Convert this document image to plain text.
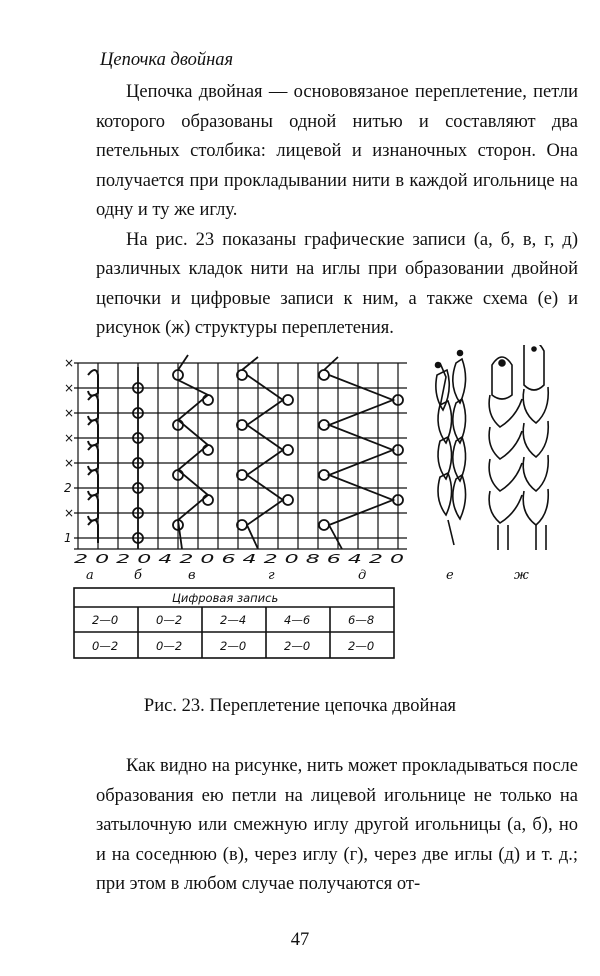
Цепочка двойная

Цепочка двойная — основовязаное переплетение, петли которого образованы одной нитью и составляют два петельных столбика: лицевой и изнаночных сторон. Она получается при прокладывании нити в каждой игольнице на одну и ту же иглу.

На рис. 23 показаны графические записи (а, б, в, г, д) различных кладок нити на иглы при образовании двойной цепочки и цифровые записи к ним, а также схема (е) и рисунок (ж) структуры переплетения.

×
×
×
×
×
×
2
1
2 0 2 0 4 2 0 6 4 2 0 8 6 4 2 0
а	б	в	г	д	е	ж
Цифровая запись
2—0	0—2	2—4	4—6	6—8
0—2	0—2	2—0	2—0	2—0
Рис. 23. Переплетение цепочка двойная

Как видно на рисунке, нить может прокладываться после образования ею петли на лицевой игольнице не только на затылочную или смежную иглу другой игольницы (а, б), но и на соседнюю (в), через иглу (г), через две иглы (д) и т. д.; при этом в любом случае получаются от-

47
